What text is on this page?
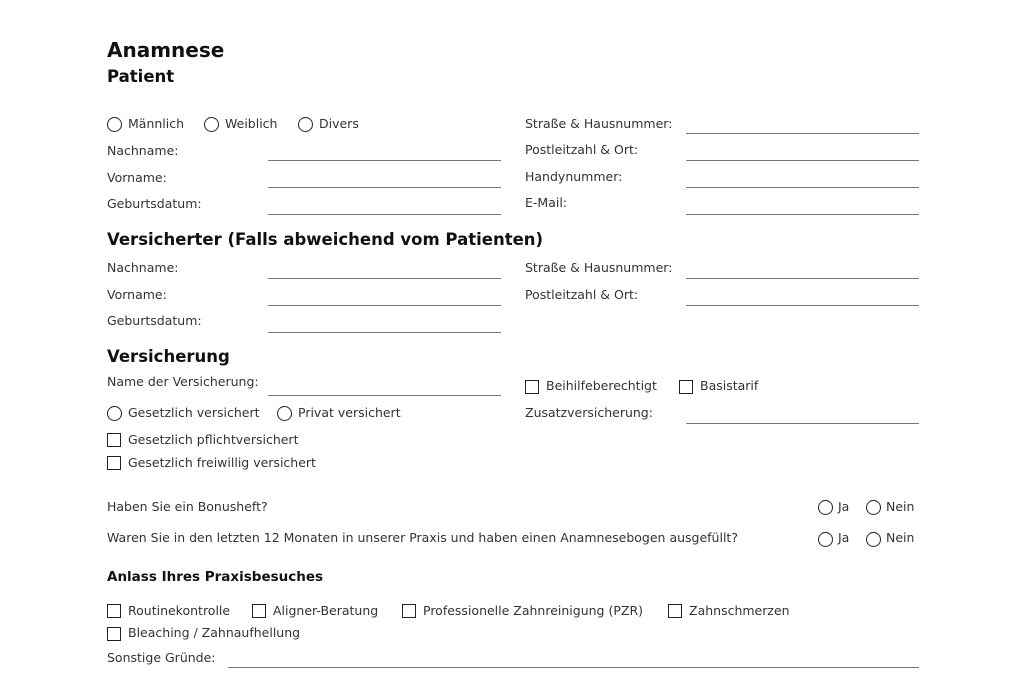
Anamnese
Patient
Männlich	Weiblich	Divers
Nachname:
Vorname:
Geburtsdatum:
Straße & Hausnummer:
Postleitzahl & Ort:
Handynummer:
E-Mail:
Versicherter (Falls abweichend vom Patienten)
Nachname:
Vorname:
Geburtsdatum:
Straße & Hausnummer:
Postleitzahl & Ort:
Versicherung
Name der Versicherung:	Beihilfeberechtigt	Basistarif
Gesetzlich versichert	Privat versichert	Zusatzversicherung:
Gesetzlich pflichtversichert
Gesetzlich freiwillig versichert
Haben Sie ein Bonusheft?	Ja	Nein
Waren Sie in den letzten 12 Monaten in unserer Praxis und haben einen Anamnesebogen ausgefüllt?	Ja	Nein
Anlass Ihres Praxisbesuches
Routinekontrolle	Aligner-Beratung	Professionelle Zahnreinigung (PZR)	Zahnschmerzen
Bleaching / Zahnaufhellung
Sonstige Gründe:
